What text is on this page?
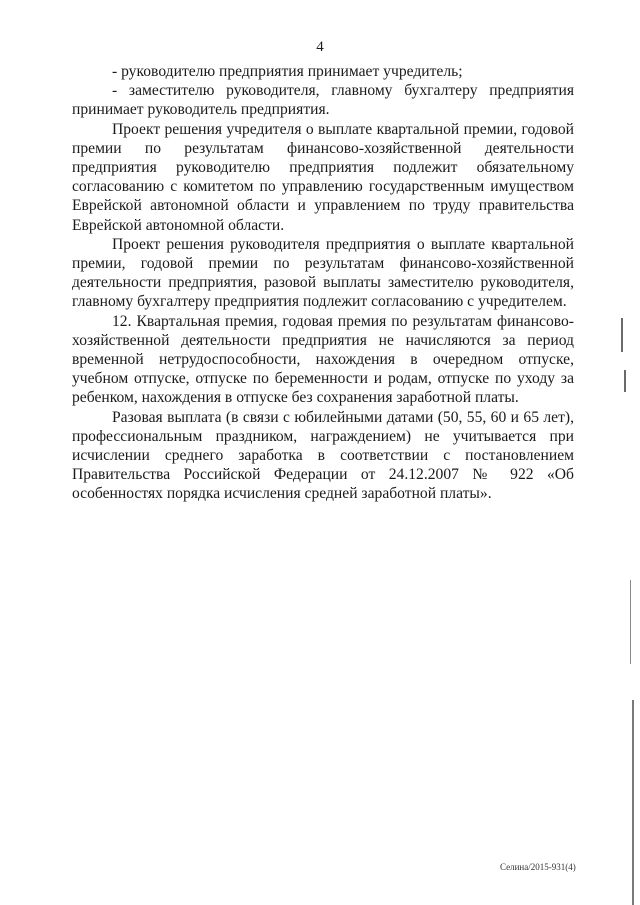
4

- руководителю предприятия принимает учредитель;

- заместителю руководителя, главному бухгалтеру предприятия принимает руководитель предприятия.

Проект решения учредителя о выплате квартальной премии, годовой премии по результатам финансово-хозяйственной деятельности предприятия руководителю предприятия подлежит обязательному согласованию с комитетом по управлению государственным имуществом Еврейской автономной области и управлением по труду правительства Еврейской автономной области.

Проект решения руководителя предприятия о выплате квартальной премии, годовой премии по результатам финансово-хозяйственной деятельности предприятия, разовой выплаты заместителю руководителя, главному бухгалтеру предприятия подлежит согласованию с учредителем.

12. Квартальная премия, годовая премия по результатам финансово-хозяйственной деятельности предприятия не начисляются за период временной нетрудоспособности, нахождения в очередном отпуске, учебном отпуске, отпуске по беременности и родам, отпуске по уходу за ребенком, нахождения в отпуске без сохранения заработной платы.

Разовая выплата (в связи с юбилейными датами (50, 55, 60 и 65 лет), профессиональным праздником, награждением) не учитывается при исчислении среднего заработка в соответствии с постановлением Правительства Российской Федерации от 24.12.2007 № 922 «Об особенностях порядка исчисления средней заработной платы».

Селина/2015-931(4)
